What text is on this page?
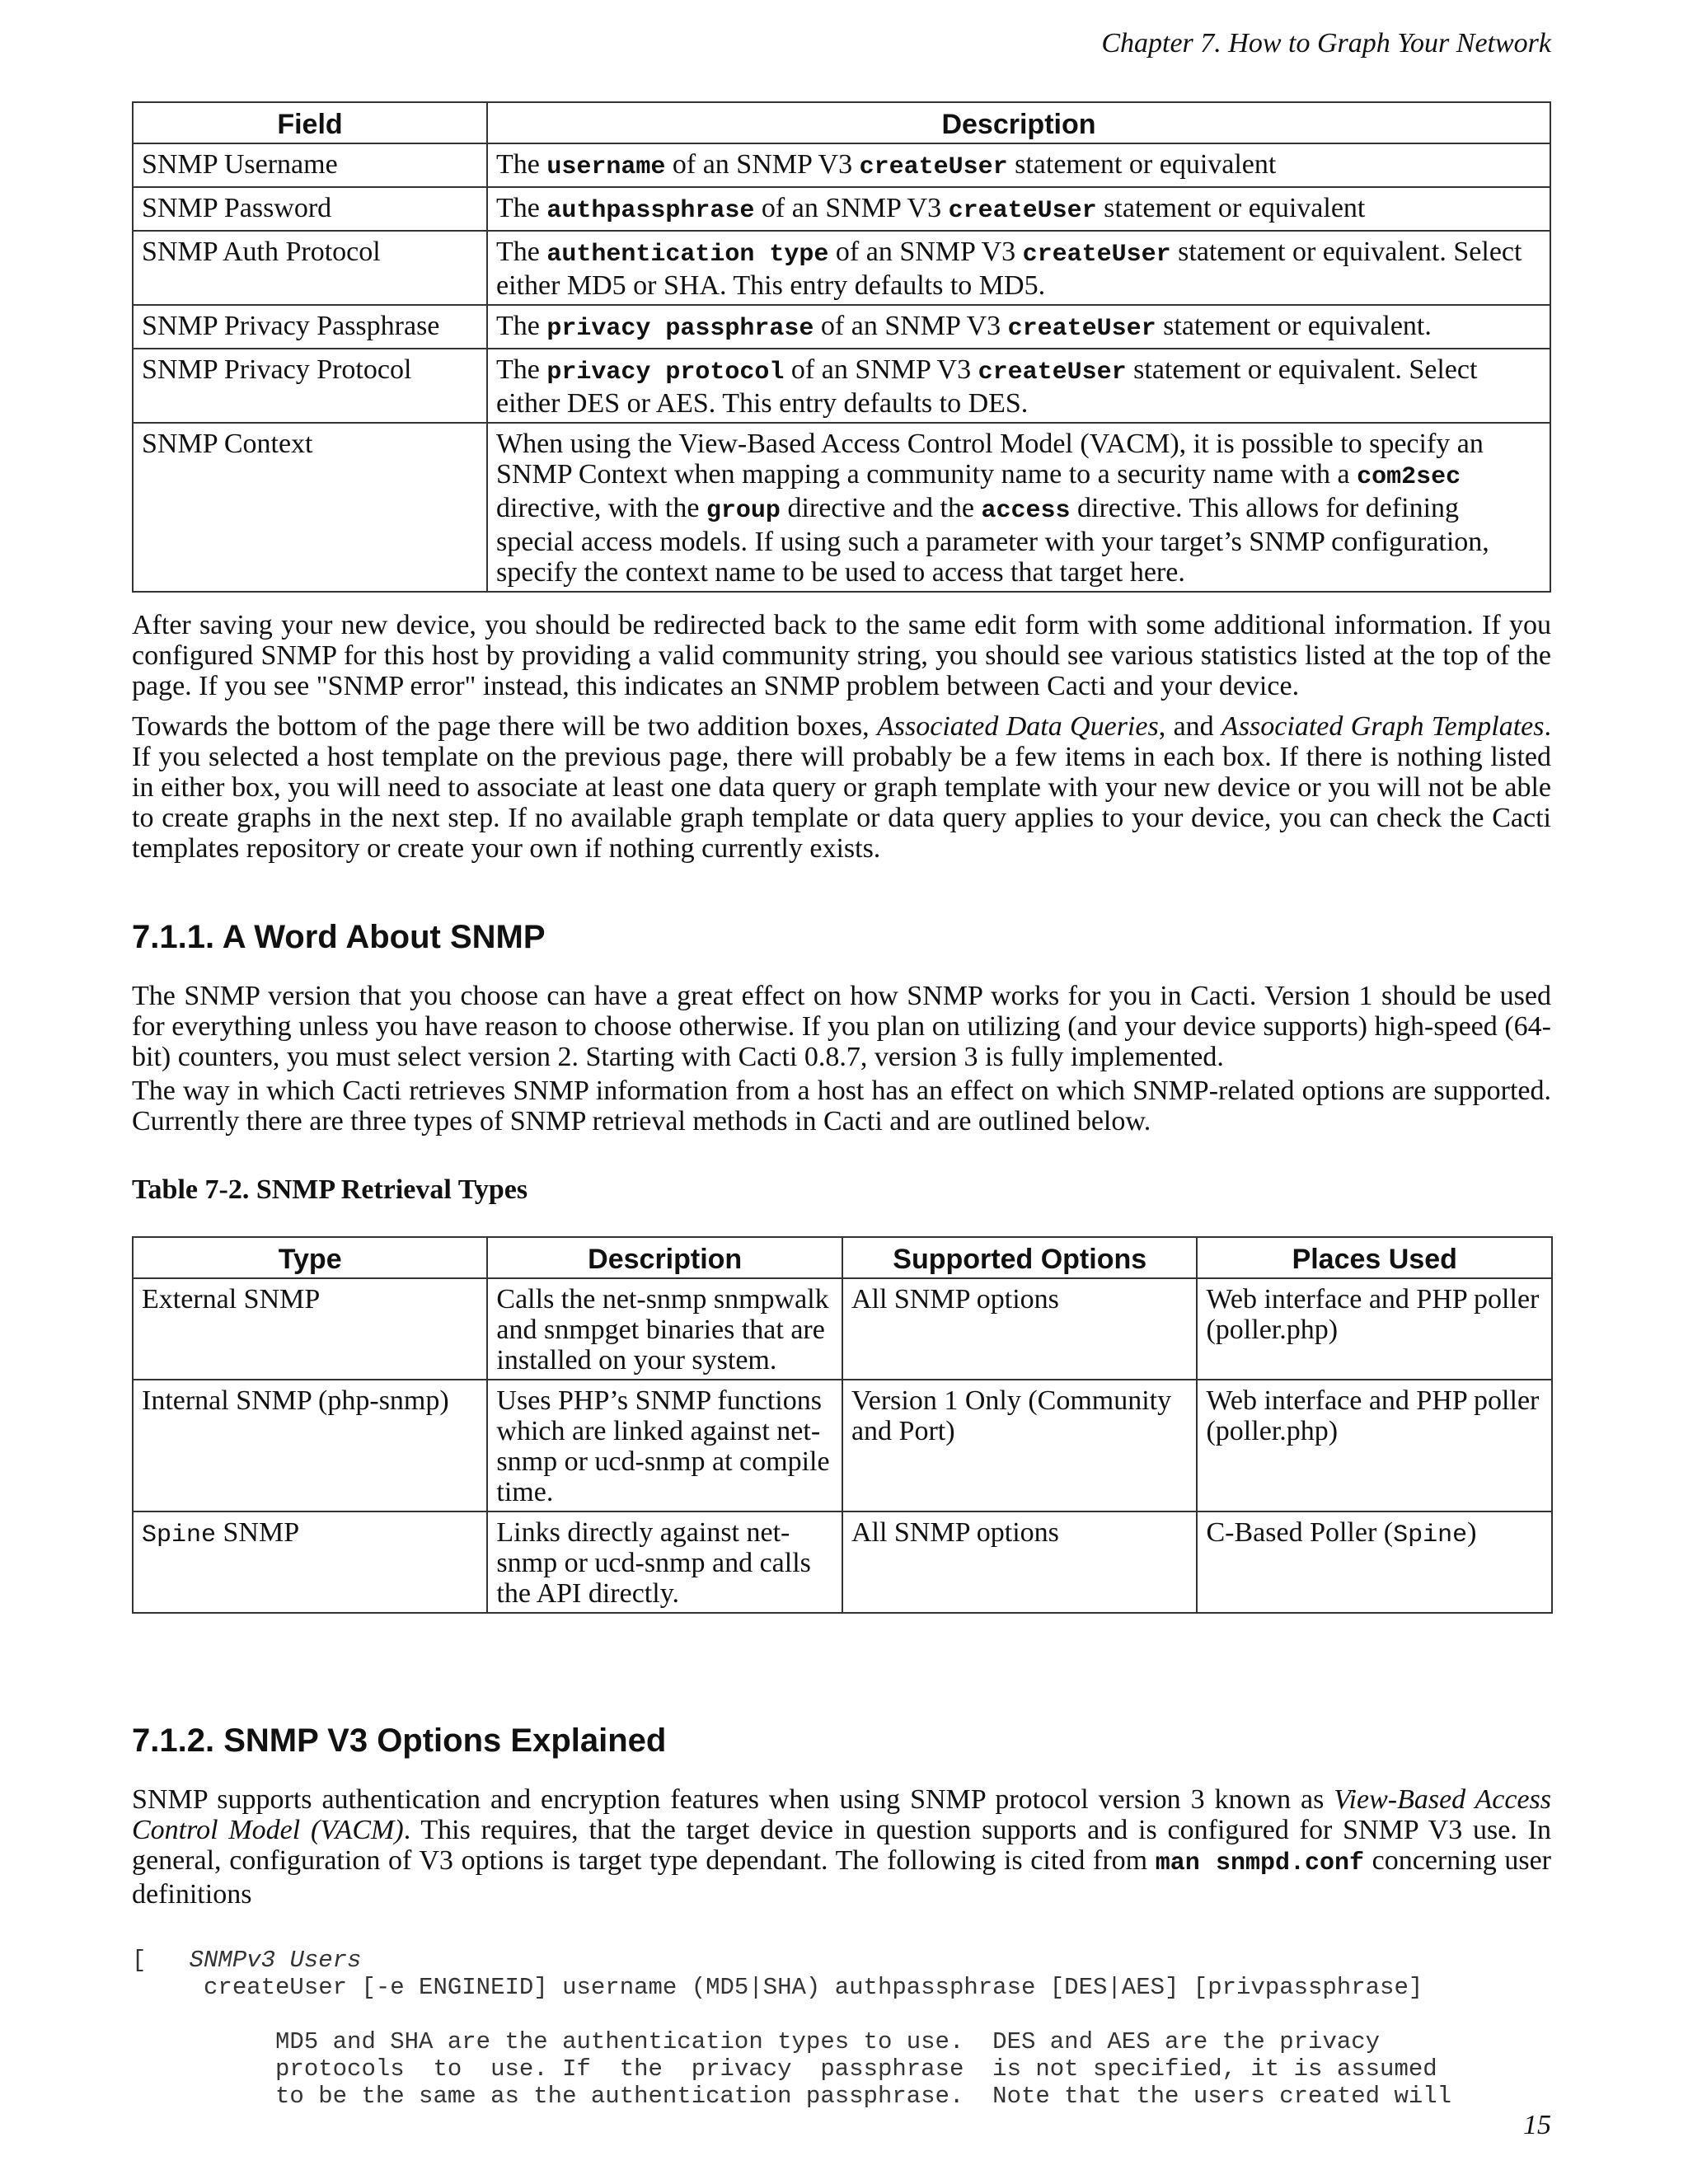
Chapter 7. How to Graph Your Network
Field	Description
SNMP Username	The username of an SNMP V3 createUser statement or equivalent
SNMP Password	The authpassphrase of an SNMP V3 createUser statement or equivalent
SNMP Auth Protocol	The authentication type of an SNMP V3 createUser statement or equivalent. Select either MD5 or SHA. This entry defaults to MD5.
SNMP Privacy Passphrase	The privacy passphrase of an SNMP V3 createUser statement or equivalent.
SNMP Privacy Protocol	The privacy protocol of an SNMP V3 createUser statement or equivalent. Select either DES or AES. This entry defaults to DES.
SNMP Context	When using the View-Based Access Control Model (VACM), it is possible to specify an SNMP Context when mapping a community name to a security name with a com2sec directive, with the group directive and the access directive. This allows for defining special access models. If using such a parameter with your target’s SNMP configuration, specify the context name to be used to access that target here.

After saving your new device, you should be redirected back to the same edit form with some additional information. If you configured SNMP for this host by providing a valid community string, you should see various statistics listed at the top of the page. If you see "SNMP error" instead, this indicates an SNMP problem between Cacti and your device.

Towards the bottom of the page there will be two addition boxes, Associated Data Queries, and Associated Graph Templates. If you selected a host template on the previous page, there will probably be a few items in each box. If there is nothing listed in either box, you will need to associate at least one data query or graph template with your new device or you will not be able to create graphs in the next step. If no available graph template or data query applies to your device, you can check the Cacti templates repository or create your own if nothing currently exists.

7.1.1. A Word About SNMP

The SNMP version that you choose can have a great effect on how SNMP works for you in Cacti. Version 1 should be used for everything unless you have reason to choose otherwise. If you plan on utilizing (and your device supports) high-speed (64-bit) counters, you must select version 2. Starting with Cacti 0.8.7, version 3 is fully implemented.

The way in which Cacti retrieves SNMP information from a host has an effect on which SNMP-related options are supported. Currently there are three types of SNMP retrieval methods in Cacti and are outlined below.

Table 7-2. SNMP Retrieval Types

Type	Description	Supported Options	Places Used
External SNMP	Calls the net-snmp snmpwalk and snmpget binaries that are installed on your system.	All SNMP options	Web interface and PHP poller (poller.php)
Internal SNMP (php-snmp)	Uses PHP’s SNMP functions which are linked against net-snmp or ucd-snmp at compile time.	Version 1 Only (Community and Port)	Web interface and PHP poller (poller.php)
Spine SNMP	Links directly against net-snmp or ucd-snmp and calls the API directly.	All SNMP options	C-Based Poller (Spine)
7.1.2. SNMP V3 Options Explained

SNMP supports authentication and encryption features when using SNMP protocol version 3 known as View-Based Access Control Model (VACM). This requires, that the target device in question supports and is configured for SNMP V3 use. In general, configuration of V3 options is target type dependant. The following is cited from man snmpd.conf concerning user definitions

[ SNMPv3 Users
createUser [-e ENGINEID] username (MD5|SHA) authpassphrase [DES|AES] [privpassphrase]

MD5 and SHA are the authentication types to use.  DES and AES are the privacy
protocols  to  use. If  the  privacy  passphrase  is not specified, it is assumed
to be the same as the authentication passphrase.  Note that the users created will
15
